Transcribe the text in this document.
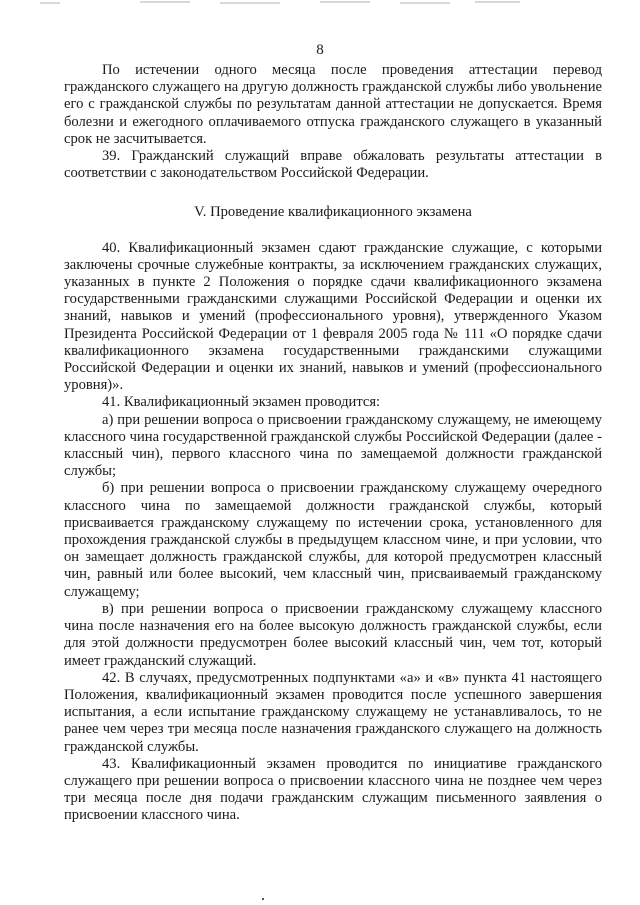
8

По истечении одного месяца после проведения аттестации перевод гражданского служащего на другую должность гражданской службы либо увольнение его с гражданской службы по результатам данной аттестации не допускается. Время болезни и ежегодного оплачиваемого отпуска гражданского служащего в указанный срок не засчитывается.

39. Гражданский служащий вправе обжаловать результаты аттестации в соответствии с законодательством Российской Федерации.

V. Проведение квалификационного экзамена

40. Квалификационный экзамен сдают гражданские служащие, с которыми заключены срочные служебные контракты, за исключением гражданских служащих, указанных в пункте 2 Положения о порядке сдачи квалификационного экзамена государственными гражданскими служащими Российской Федерации и оценки их знаний, навыков и умений (профессионального уровня), утвержденного Указом Президента Российской Федерации от 1 февраля 2005 года № 111 «О порядке сдачи квалификационного экзамена государственными гражданскими служащими Российской Федерации и оценки их знаний, навыков и умений (профессионального уровня)».

41. Квалификационный экзамен проводится:

а) при решении вопроса о присвоении гражданскому служащему, не имеющему классного чина государственной гражданской службы Российской Федерации (далее - классный чин), первого классного чина по замещаемой должности гражданской службы;

б) при решении вопроса о присвоении гражданскому служащему очередного классного чина по замещаемой должности гражданской службы, который присваивается гражданскому служащему по истечении срока, установленного для прохождения гражданской службы в предыдущем классном чине, и при условии, что он замещает должность гражданской службы, для которой предусмотрен классный чин, равный или более высокий, чем классный чин, присваиваемый гражданскому служащему;

в) при решении вопроса о присвоении гражданскому служащему классного чина после назначения его на более высокую должность гражданской службы, если для этой должности предусмотрен более высокий классный чин, чем тот, который имеет гражданский служащий.

42. В случаях, предусмотренных подпунктами «а» и «в» пункта 41 настоящего Положения, квалификационный экзамен проводится после успешного завершения испытания, а если испытание гражданскому служащему не устанавливалось, то не ранее чем через три месяца после назначения гражданского служащего на должность гражданской службы.

43. Квалификационный экзамен проводится по инициативе гражданского служащего при решении вопроса о присвоении классного чина не позднее чем через три месяца после дня подачи гражданским служащим письменного заявления о присвоении классного чина.
